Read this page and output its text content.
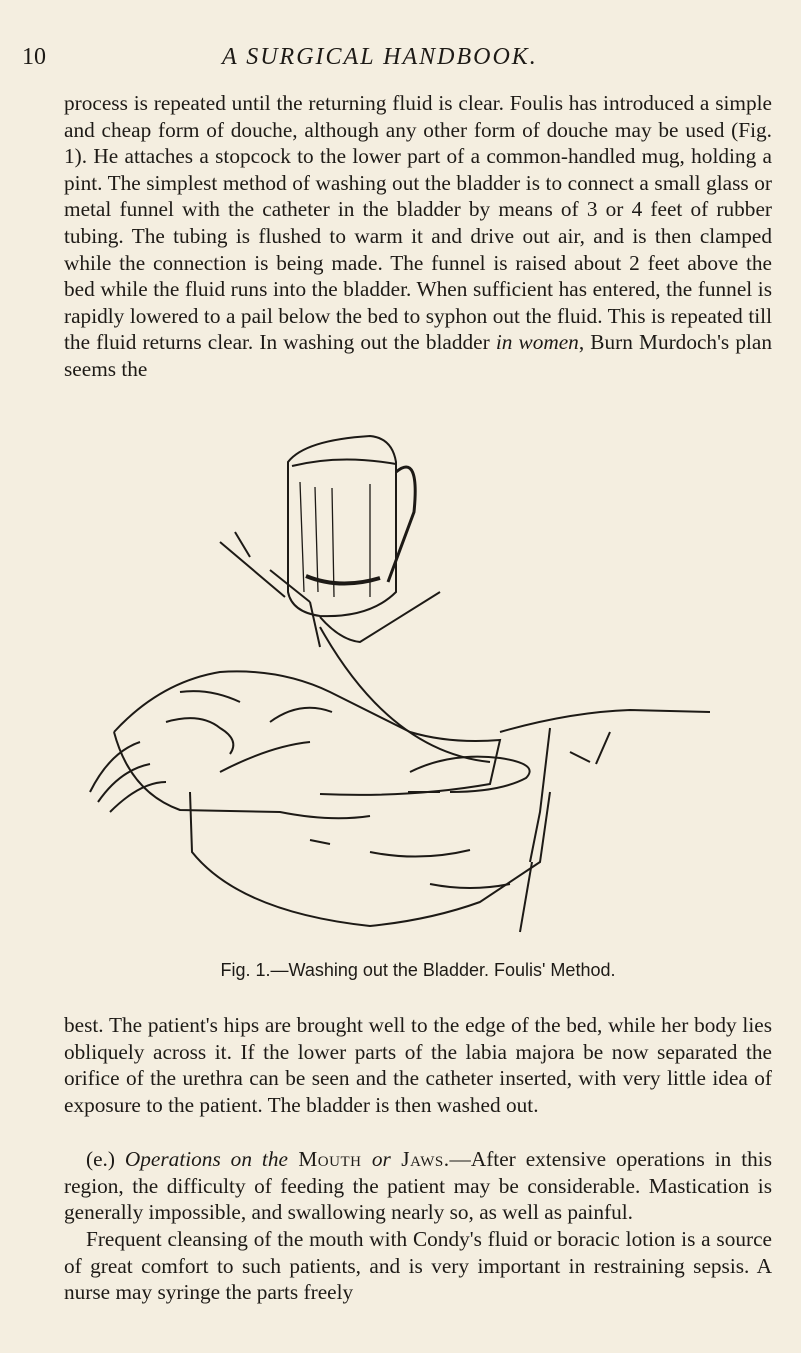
10	A SURGICAL HANDBOOK.

process is repeated until the returning fluid is clear. Foulis has introduced a simple and cheap form of douche, although any other form of douche may be used (Fig. 1). He attaches a stopcock to the lower part of a common-handled mug, holding a pint. The simplest method of washing out the bladder is to connect a small glass or metal funnel with the catheter in the bladder by means of 3 or 4 feet of rubber tubing. The tubing is flushed to warm it and drive out air, and is then clamped while the connection is being made. The funnel is raised about 2 feet above the bed while the fluid runs into the bladder. When sufficient has entered, the funnel is rapidly lowered to a pail below the bed to syphon out the fluid. This is repeated till the fluid returns clear. In washing out the bladder in women, Burn Murdoch's plan seems the

Fig. 1.—Washing out the Bladder. Foulis' Method.

best. The patient's hips are brought well to the edge of the bed, while her body lies obliquely across it. If the lower parts of the labia majora be now separated the orifice of the urethra can be seen and the catheter inserted, with very little idea of exposure to the patient. The bladder is then washed out.

(e.) Operations on the Mouth or Jaws.—After extensive operations in this region, the difficulty of feeding the patient may be considerable. Mastication is generally impossible, and swallowing nearly so, as well as painful.

Frequent cleansing of the mouth with Condy's fluid or boracic lotion is a source of great comfort to such patients, and is very important in restraining sepsis. A nurse may syringe the parts freely
